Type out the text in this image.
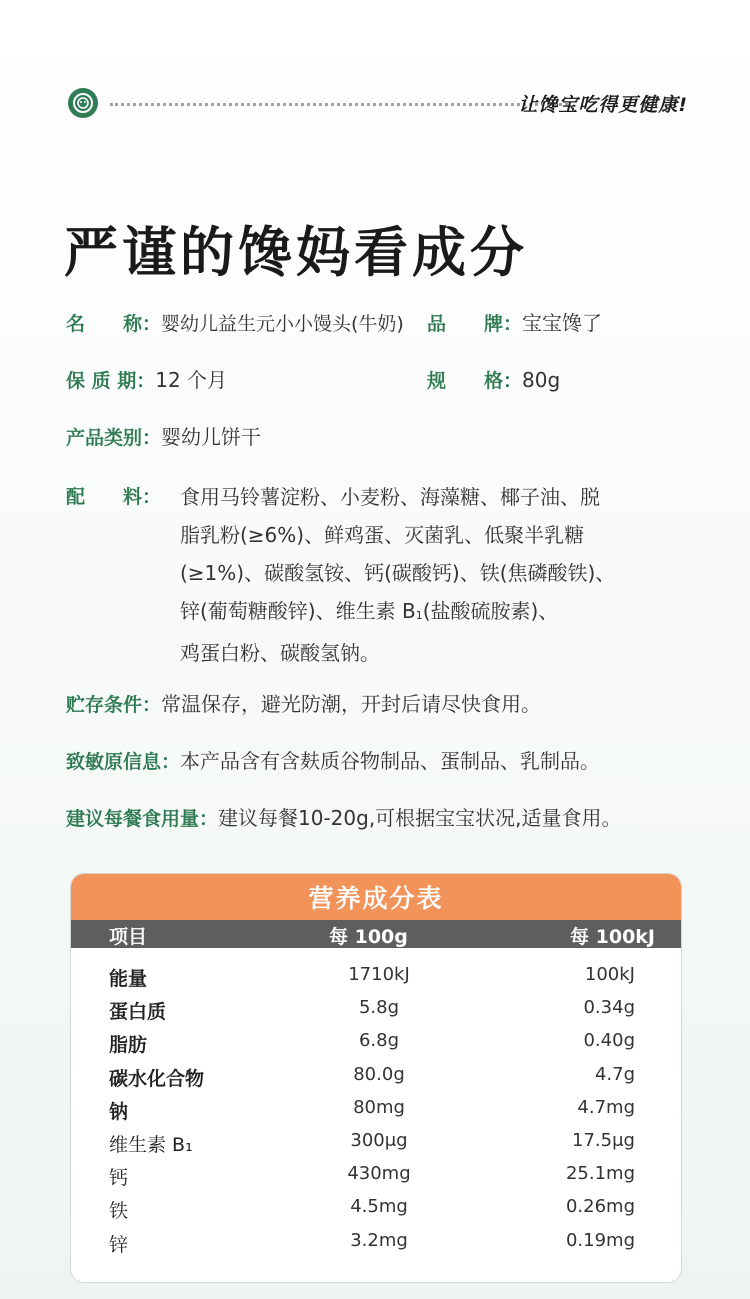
让馋宝吃得更健康!
严谨的馋妈看成分
名　　称：婴幼儿益生元小小馒头(牛奶) 品　　牌：宝宝馋了
保 质 期：12 个月	规　　格：80g
产品类别：婴幼儿饼干
配　　料： 食用马铃薯淀粉、小麦粉、海藻糖、椰子油、脱
脂乳粉(≥6%)、鲜鸡蛋、灭菌乳、低聚半乳糖
(≥1%)、碳酸氢铵、钙(碳酸钙)、铁(焦磷酸铁)、
锌(葡萄糖酸锌)、维生素 $B_1$(盐酸硫胺素)、
鸡蛋白粉、碳酸氢钠。
贮存条件：常温保存，避光防潮，开封后请尽快食用。
致敏原信息：本产品含有含麸质谷物制品、蛋制品、乳制品。
建议每餐食用量：建议每餐10-20g,可根据宝宝状况,适量食用。
营养成分表
项目	每 100g	每 100kJ
能量	1710kJ	100kJ
蛋白质	5.8g	0.34g
脂肪	6.8g	0.40g
碳水化合物	80.0g	4.7g
钠	80mg	4.7mg
维生素 B₁	300μg	17.5μg
钙	430mg	25.1mg
铁	4.5mg	0.26mg
锌	3.2mg	0.19mg
